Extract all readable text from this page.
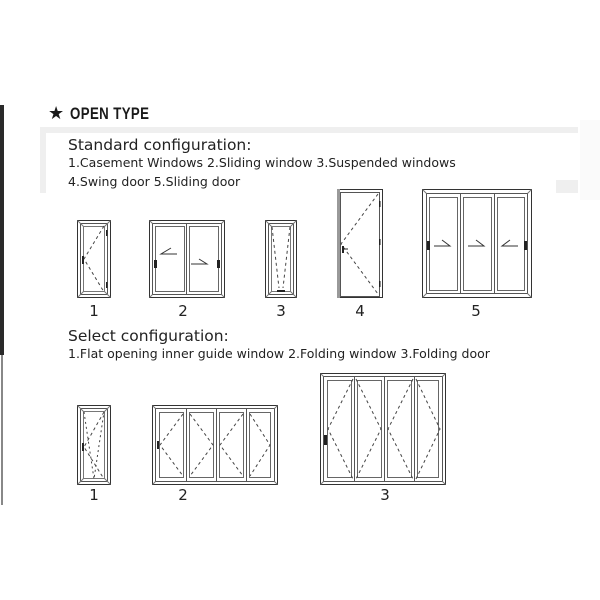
★ OPEN TYPE
Standard configuration:
1.Casement Windows 2.Sliding window 3.Suspended windows
4.Swing door 5.Sliding door
1	2	3	4	5
Select configuration:
1.Flat opening inner guide window 2.Folding window 3.Folding door
1	2	3
